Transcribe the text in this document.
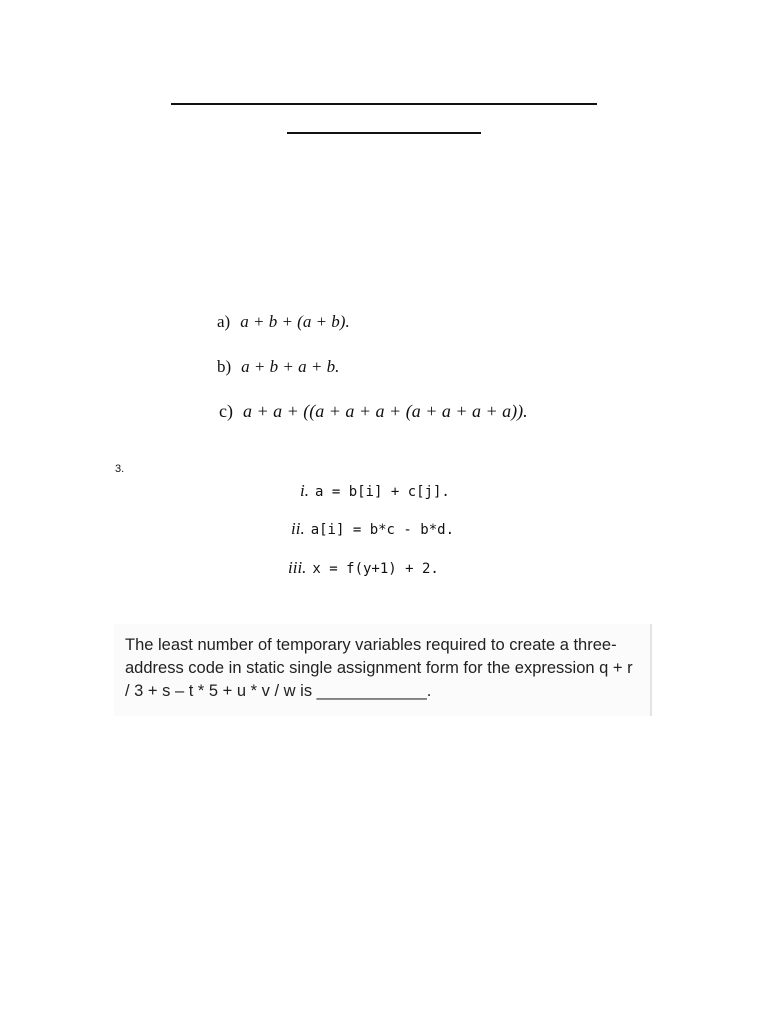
a) a + b + (a + b).
b) a + b + a + b.
c) a + a + ((a + a + a + (a + a + a + a)).
3.
i. a = b[i] + c[j].
ii. a[i] = b*c - b*d.
iii. x = f(y+1) + 2.
The least number of temporary variables required to create a three-address code in static single assignment form for the expression q + r / 3 + s – t * 5 + u * v / w is ____________.
